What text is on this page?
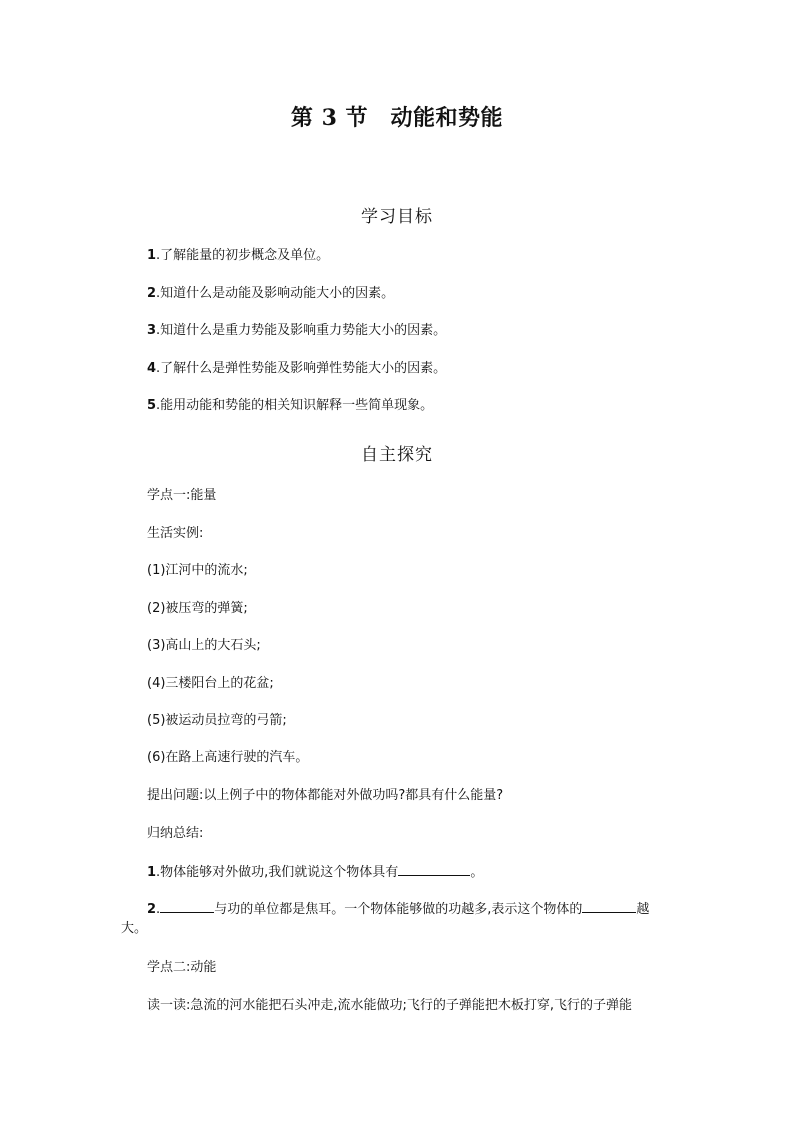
第 3 节　动能和势能
学习目标
1.了解能量的初步概念及单位。
2.知道什么是动能及影响动能大小的因素。
3.知道什么是重力势能及影响重力势能大小的因素。
4.了解什么是弹性势能及影响弹性势能大小的因素。
5.能用动能和势能的相关知识解释一些简单现象。
自主探究
学点一:能量
生活实例:
(1)江河中的流水;
(2)被压弯的弹簧;
(3)高山上的大石头;
(4)三楼阳台上的花盆;
(5)被运动员拉弯的弓箭;
(6)在路上高速行驶的汽车。
提出问题:以上例子中的物体都能对外做功吗?都具有什么能量?
归纳总结:
1.物体能够对外做功,我们就说这个物体具有	。
2.	与功的单位都是焦耳。一个物体能够做的功越多,表示这个物体的	越
大。
学点二:动能
读一读:急流的河水能把石头冲走,流水能做功;飞行的子弹能把木板打穿,飞行的子弹能
